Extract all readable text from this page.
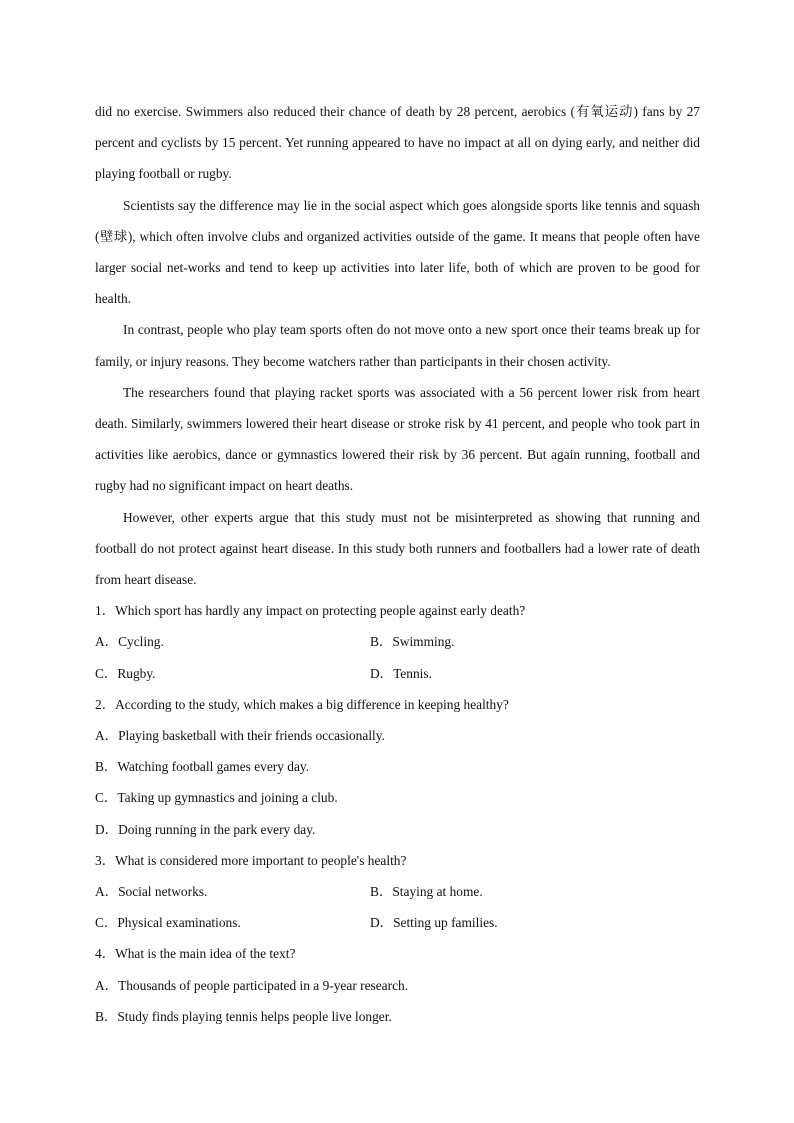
did no exercise. Swimmers also reduced their chance of death by 28 percent, aerobics (有氧运动) fans by 27 percent and cyclists by 15 percent. Yet running appeared to have no impact at all on dying early, and neither did playing football or rugby.

Scientists say the difference may lie in the social aspect which goes alongside sports like tennis and squash (壁球), which often involve clubs and organized activities outside of the game. It means that people often have larger social net-works and tend to keep up activities into later life, both of which are proven to be good for health.

In contrast, people who play team sports often do not move onto a new sport once their teams break up for family, or injury reasons. They become watchers rather than participants in their chosen activity.

The researchers found that playing racket sports was associated with a 56 percent lower risk from heart death. Similarly, swimmers lowered their heart disease or stroke risk by 41 percent, and people who took part in activities like aerobics, dance or gymnastics lowered their risk by 36 percent. But again running, football and rugby had no significant impact on heart deaths.

However, other experts argue that this study must not be misinterpreted as showing that running and football do not protect against heart disease. In this study both runners and footballers had a lower rate of death from heart disease.

1．Which sport has hardly any impact on protecting people against early death?

A．Cycling.	B．Swimming.
C．Rugby.	D．Tennis.

2．According to the study, which makes a big difference in keeping healthy?

A．Playing basketball with their friends occasionally.
B．Watching football games every day.
C．Taking up gymnastics and joining a club.
D．Doing running in the park every day.

3．What is considered more important to people's health?

A．Social networks.	B．Staying at home.
C．Physical examinations.	D．Setting up families.

4．What is the main idea of the text?

A．Thousands of people participated in a 9-year research.
B．Study finds playing tennis helps people live longer.
